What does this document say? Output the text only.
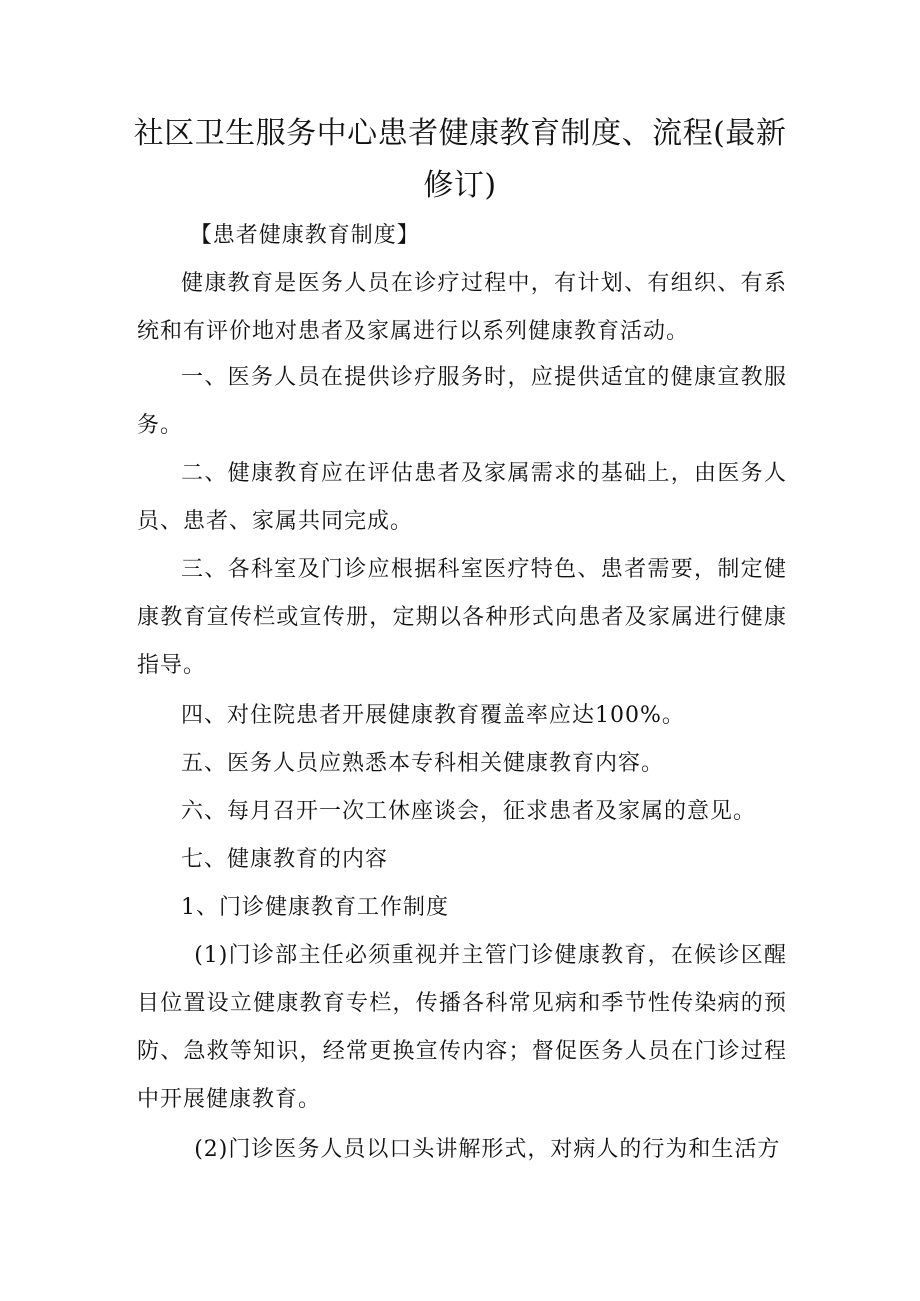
社区卫生服务中心患者健康教育制度、流程(最新修订)
【患者健康教育制度】
健康教育是医务人员在诊疗过程中，有计划、有组织、有系统和有评价地对患者及家属进行以系列健康教育活动。
一、医务人员在提供诊疗服务时，应提供适宜的健康宣教服务。
二、健康教育应在评估患者及家属需求的基础上，由医务人员、患者、家属共同完成。
三、各科室及门诊应根据科室医疗特色、患者需要，制定健康教育宣传栏或宣传册，定期以各种形式向患者及家属进行健康指导。
四、对住院患者开展健康教育覆盖率应达100%。
五、医务人员应熟悉本专科相关健康教育内容。
六、每月召开一次工休座谈会，征求患者及家属的意见。
七、健康教育的内容
1、门诊健康教育工作制度
(1)门诊部主任必须重视并主管门诊健康教育，在候诊区醒目位置设立健康教育专栏，传播各科常见病和季节性传染病的预防、急救等知识，经常更换宣传内容；督促医务人员在门诊过程中开展健康教育。
(2)门诊医务人员以口头讲解形式，对病人的行为和生活方
